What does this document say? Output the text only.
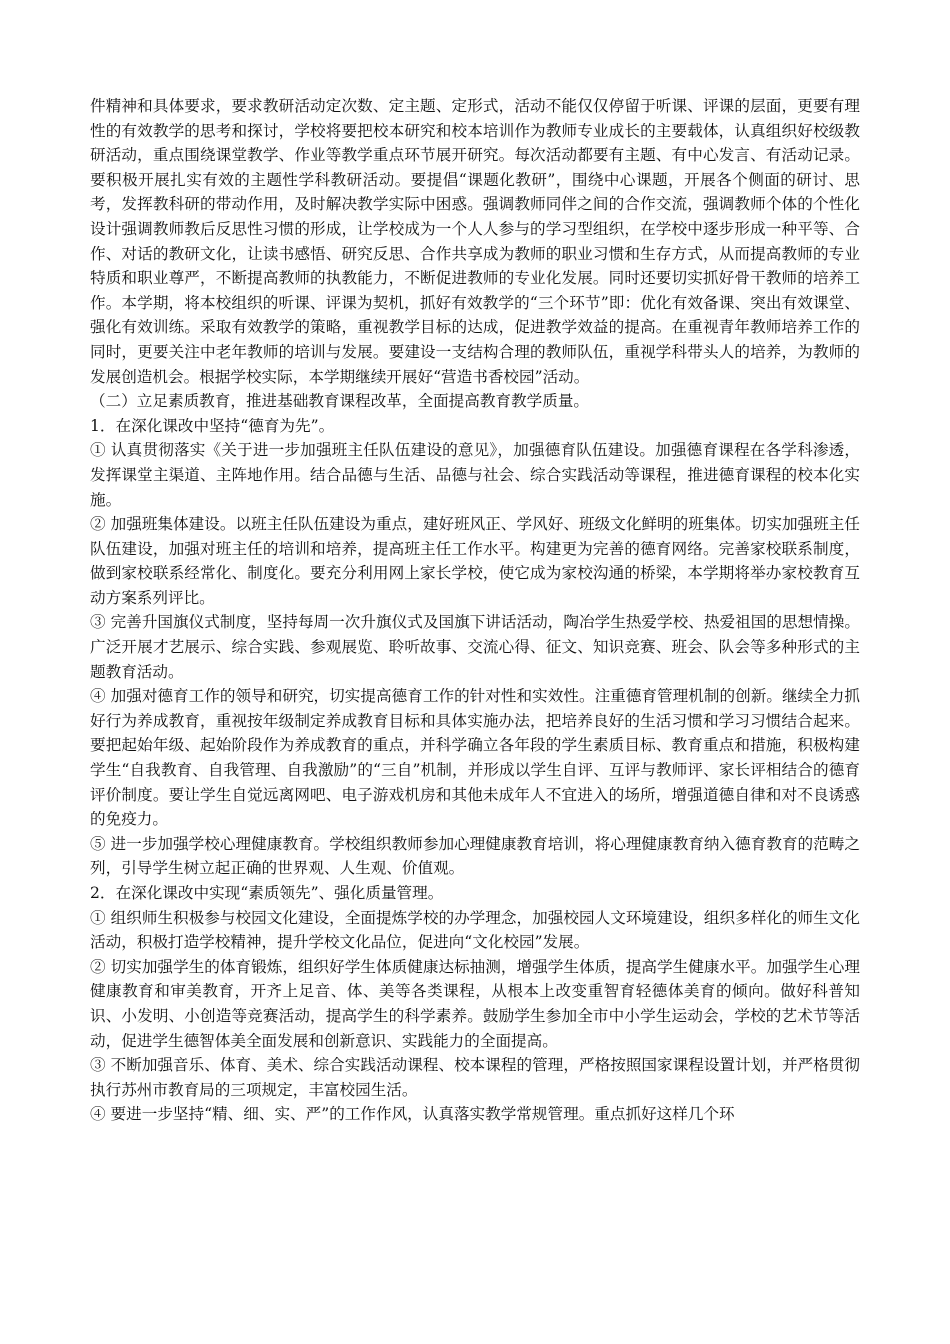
件精神和具体要求，要求教研活动定次数、定主题、定形式，活动不能仅仅停留于听课、评课的层面，更要有理性的有效教学的思考和探讨，学校将要把校本研究和校本培训作为教师专业成长的主要载体，认真组织好校级教研活动，重点围绕课堂教学、作业等教学重点环节展开研究。每次活动都要有主题、有中心发言、有活动记录。要积极开展扎实有效的主题性学科教研活动。要提倡“课题化教研”，围绕中心课题，开展各个侧面的研讨、思考，发挥教科研的带动作用，及时解决教学实际中困惑。强调教师同伴之间的合作交流，强调教师个体的个性化设计强调教师教后反思性习惯的形成，让学校成为一个人人参与的学习型组织，在学校中逐步形成一种平等、合作、对话的教研文化，让读书感悟、研究反思、合作共享成为教师的职业习惯和生存方式，从而提高教师的专业特质和职业尊严，不断提高教师的执教能力，不断促进教师的专业化发展。同时还要切实抓好骨干教师的培养工作。本学期，将本校组织的听课、评课为契机，抓好有效教学的“三个环节”即：优化有效备课、突出有效课堂、强化有效训练。采取有效教学的策略，重视教学目标的达成，促进教学效益的提高。在重视青年教师培养工作的同时，更要关注中老年教师的培训与发展。要建设一支结构合理的教师队伍，重视学科带头人的培养，为教师的发展创造机会。根据学校实际，本学期继续开展好“营造书香校园”活动。

（二）立足素质教育，推进基础教育课程改革，全面提高教育教学质量。

1．在深化课改中坚持“德育为先”。

① 认真贯彻落实《关于进一步加强班主任队伍建设的意见》，加强德育队伍建设。加强德育课程在各学科渗透，发挥课堂主渠道、主阵地作用。结合品德与生活、品德与社会、综合实践活动等课程，推进德育课程的校本化实施。

② 加强班集体建设。以班主任队伍建设为重点，建好班风正、学风好、班级文化鲜明的班集体。切实加强班主任队伍建设，加强对班主任的培训和培养，提高班主任工作水平。构建更为完善的德育网络。完善家校联系制度，做到家校联系经常化、制度化。要充分利用网上家长学校，使它成为家校沟通的桥梁，本学期将举办家校教育互动方案系列评比。

③ 完善升国旗仪式制度，坚持每周一次升旗仪式及国旗下讲话活动，陶冶学生热爱学校、热爱祖国的思想情操。广泛开展才艺展示、综合实践、参观展览、聆听故事、交流心得、征文、知识竞赛、班会、队会等多种形式的主题教育活动。

④ 加强对德育工作的领导和研究，切实提高德育工作的针对性和实效性。注重德育管理机制的创新。继续全力抓好行为养成教育，重视按年级制定养成教育目标和具体实施办法，把培养良好的生活习惯和学习习惯结合起来。要把起始年级、起始阶段作为养成教育的重点，并科学确立各年段的学生素质目标、教育重点和措施，积极构建学生“自我教育、自我管理、自我激励”的“三自”机制，并形成以学生自评、互评与教师评、家长评相结合的德育评价制度。要让学生自觉远离网吧、电子游戏机房和其他未成年人不宜进入的场所，增强道德自律和对不良诱惑的免疫力。

⑤ 进一步加强学校心理健康教育。学校组织教师参加心理健康教育培训，将心理健康教育纳入德育教育的范畴之列，引导学生树立起正确的世界观、人生观、价值观。

2．在深化课改中实现“素质领先”、强化质量管理。

① 组织师生积极参与校园文化建设，全面提炼学校的办学理念，加强校园人文环境建设，组织多样化的师生文化活动，积极打造学校精神，提升学校文化品位，促进向“文化校园”发展。

② 切实加强学生的体育锻炼，组织好学生体质健康达标抽测，增强学生体质，提高学生健康水平。加强学生心理健康教育和审美教育，开齐上足音、体、美等各类课程，从根本上改变重智育轻德体美育的倾向。做好科普知识、小发明、小创造等竞赛活动，提高学生的科学素养。鼓励学生参加全市中小学生运动会，学校的艺术节等活动，促进学生德智体美全面发展和创新意识、实践能力的全面提高。

③ 不断加强音乐、体育、美术、综合实践活动课程、校本课程的管理，严格按照国家课程设置计划，并严格贯彻执行苏州市教育局的三项规定，丰富校园生活。

④ 要进一步坚持“精、细、实、严”的工作作风，认真落实教学常规管理。重点抓好这样几个环
